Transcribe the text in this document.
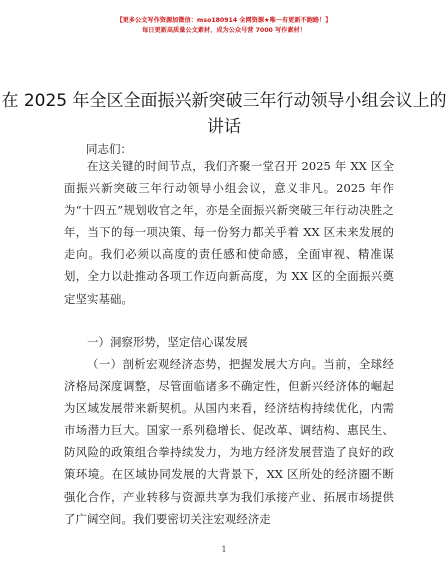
【更多公文写作资源加微信：mso180914 全网资源★唯一有更新不跑路！】
每日更新高质量公文素材，成为公众号营 7000 写作素材！
在 2025 年全区全面振兴新突破三年行动领导小组会议上的讲话
同志们：
在这关键的时间节点，我们齐聚一堂召开 2025 年 XX 区全面振兴新突破三年行动领导小组会议，意义非凡。2025 年作为“十四五”规划收官之年，亦是全面振兴新突破三年行动决胜之年，当下的每一项决策、每一份努力都关乎着 XX 区未来发展的走向。我们必须以高度的责任感和使命感，全面审视、精准谋划，全力以赴推动各项工作迈向新高度，为 XX 区的全面振兴奠定坚实基础。
一）洞察形势，坚定信心谋发展
（一）剖析宏观经济态势，把握发展大方向。当前，全球经济格局深度调整，尽管面临诸多不确定性，但新兴经济体的崛起为区域发展带来新契机。从国内来看，经济结构持续优化，内需市场潜力巨大。国家一系列稳增长、促改革、调结构、惠民生、防风险的政策组合拳持续发力，为地方经济发展营造了良好的政策环境。在区域协同发展的大背景下，XX 区所处的经济圈不断强化合作，产业转移与资源共享为我们承接产业、拓展市场提供了广阔空间。我们要密切关注宏观经济走
1
